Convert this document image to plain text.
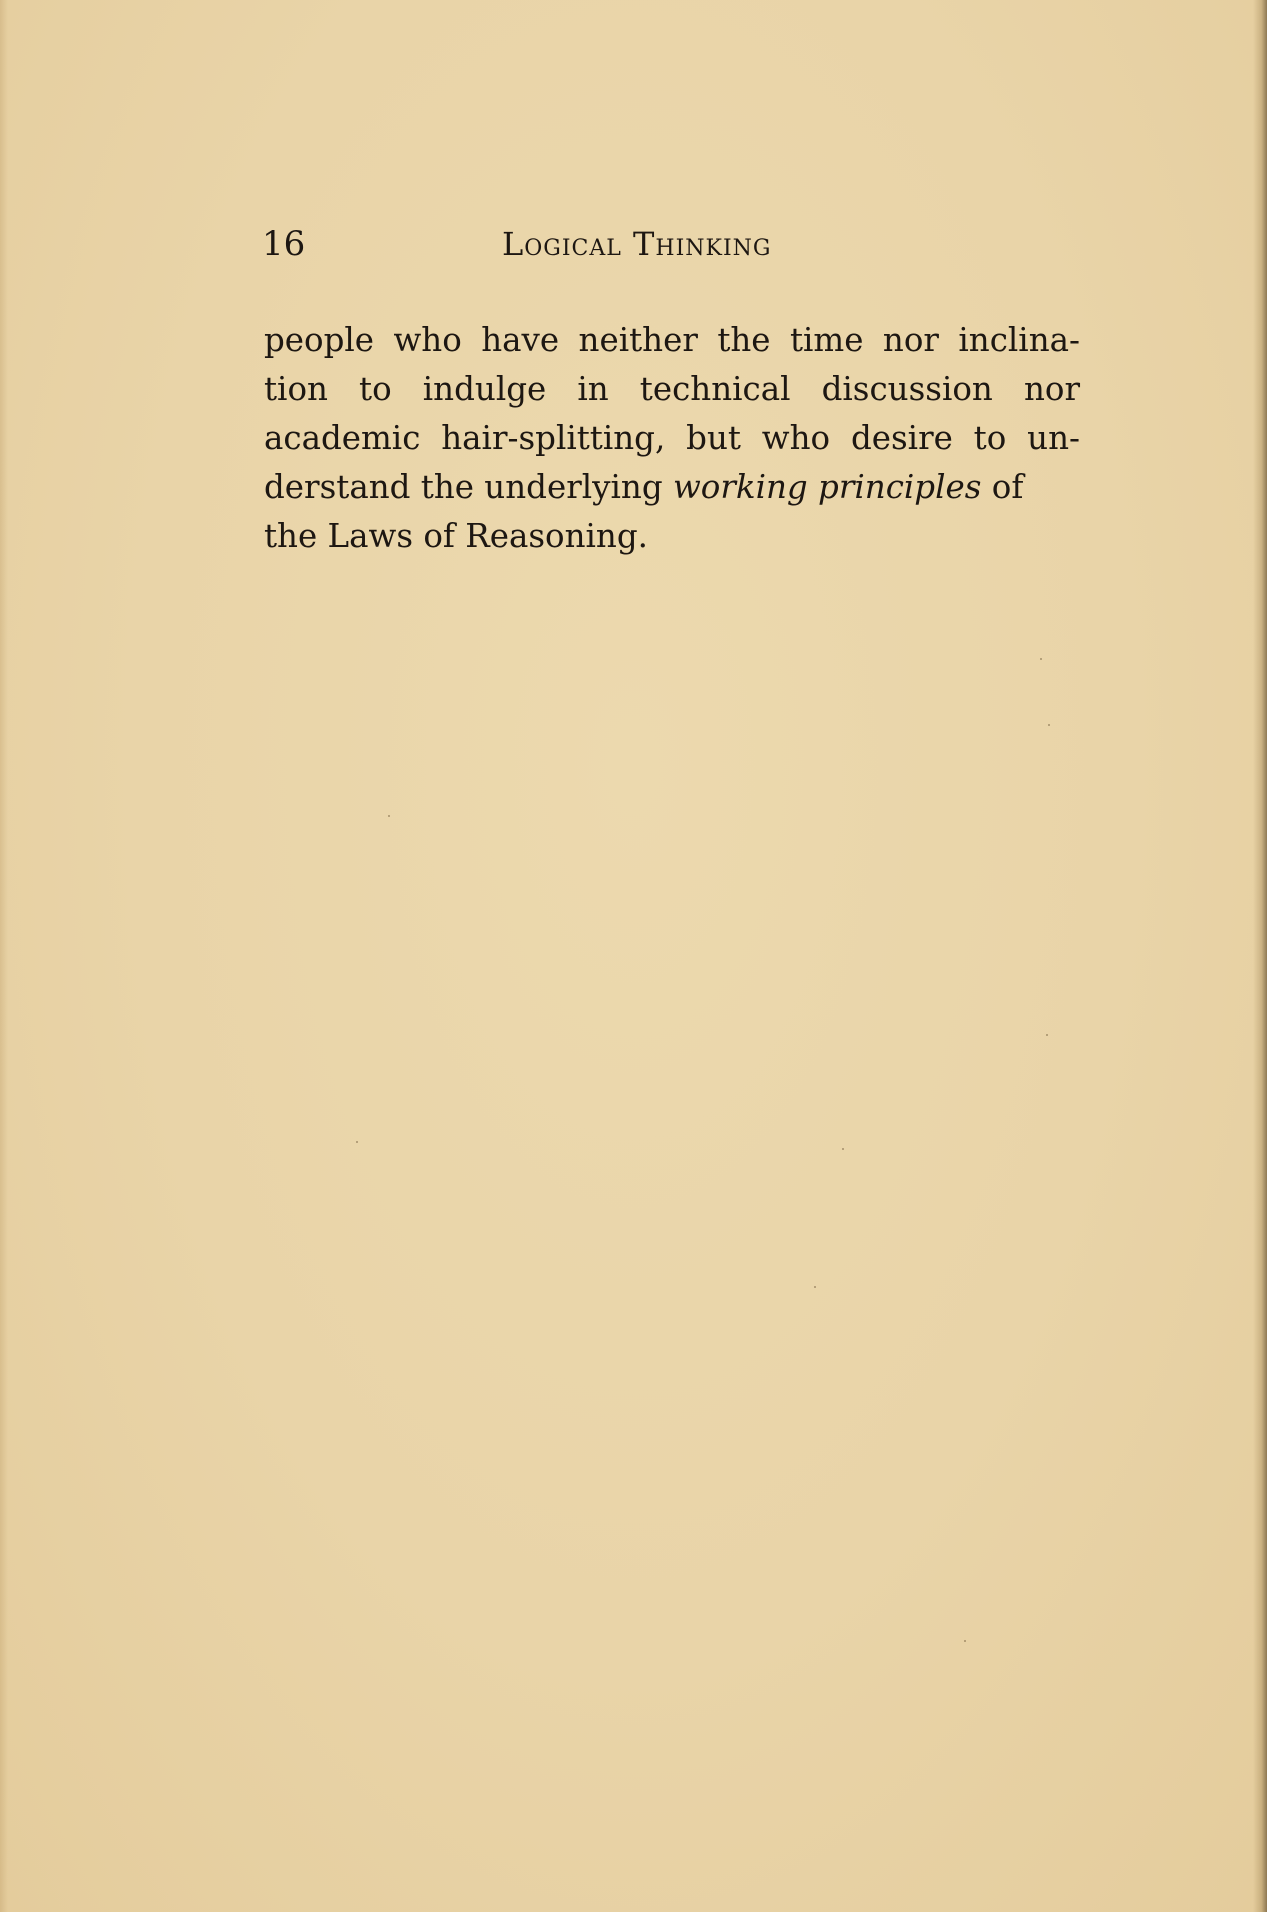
16	Logical Thinking
people who have neither the time nor inclina-
tion to indulge in technical discussion nor
academic hair-splitting, but who desire to un-
derstand the underlying working principles of
the Laws of Reasoning.
